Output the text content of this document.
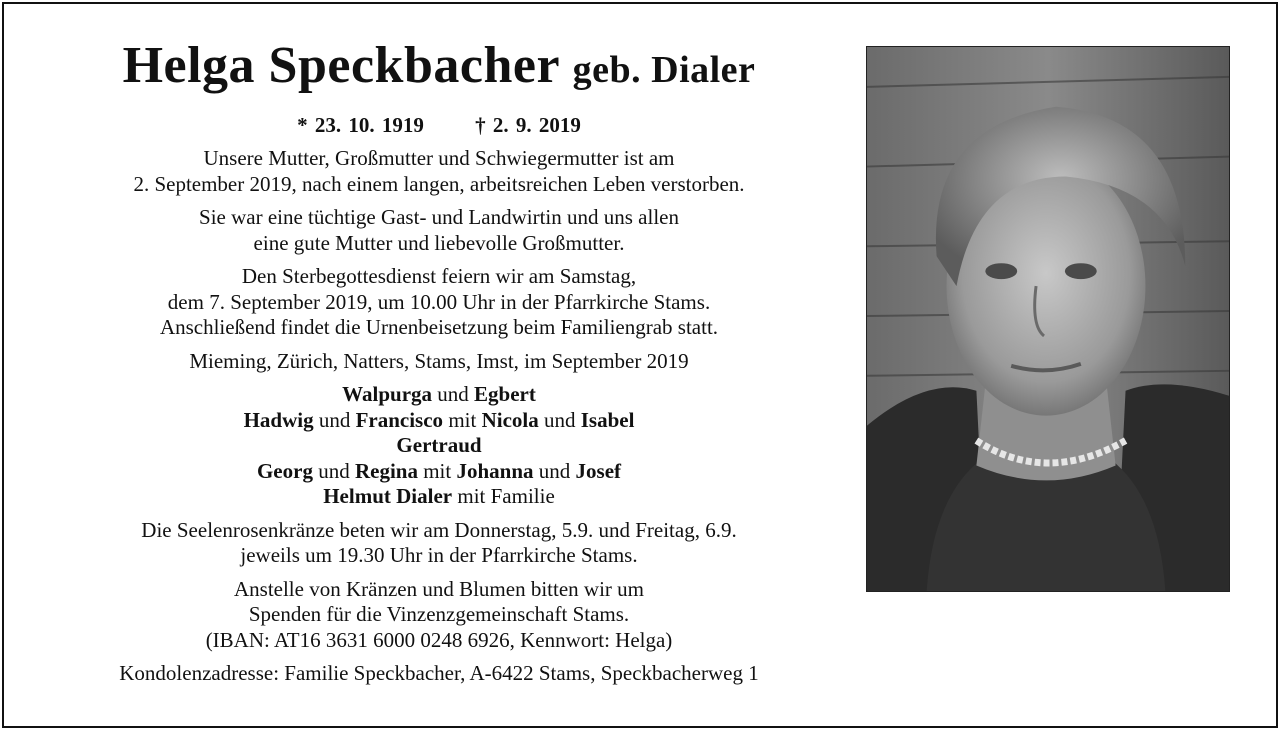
Helga Speckbacher geb. Dialer
* 23. 10. 1919 † 2. 9. 2019
Unsere Mutter, Großmutter und Schwiegermutter ist am
2. September 2019, nach einem langen, arbeitsreichen Leben verstorben.
Sie war eine tüchtige Gast- und Landwirtin und uns allen
eine gute Mutter und liebevolle Großmutter.
Den Sterbegottesdienst feiern wir am Samstag,
dem 7. September 2019, um 10.00 Uhr in der Pfarrkirche Stams.
Anschließend findet die Urnenbeisetzung beim Familiengrab statt.
Mieming, Zürich, Natters, Stams, Imst, im September 2019
Walpurga und Egbert
Hadwig und Francisco mit Nicola und Isabel
Gertraud
Georg und Regina mit Johanna und Josef
Helmut Dialer mit Familie
Die Seelenrosenkränze beten wir am Donnerstag, 5.9. und Freitag, 6.9.
jeweils um 19.30 Uhr in der Pfarrkirche Stams.
Anstelle von Kränzen und Blumen bitten wir um
Spenden für die Vinzenzgemeinschaft Stams.
(IBAN: AT16 3631 6000 0248 6926, Kennwort: Helga)
Kondolenzadresse: Familie Speckbacher, A-6422 Stams, Speckbacherweg 1
